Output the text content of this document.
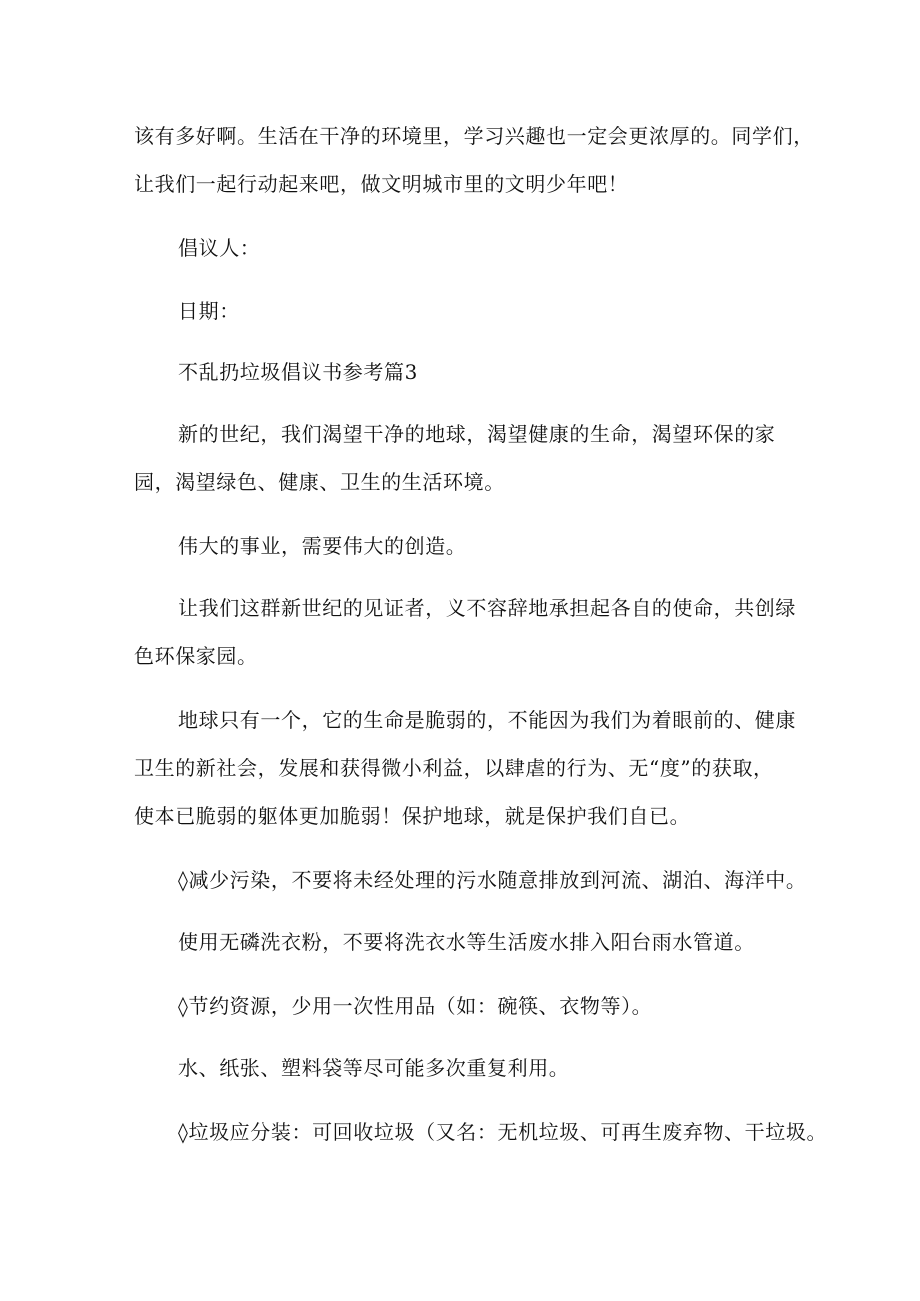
该有多好啊。生活在干净的环境里，学习兴趣也一定会更浓厚的。同学们，
让我们一起行动起来吧，做文明城市里的文明少年吧！
倡议人：
日期：
不乱扔垃圾倡议书参考篇3
新的世纪，我们渴望干净的地球，渴望健康的生命，渴望环保的家
园，渴望绿色、健康、卫生的生活环境。
伟大的事业，需要伟大的创造。
让我们这群新世纪的见证者，义不容辞地承担起各自的使命，共创绿
色环保家园。
地球只有一个，它的生命是脆弱的，不能因为我们为着眼前的、健康
卫生的新社会，发展和获得微小利益，以肆虐的行为、无“度”的获取，
使本已脆弱的躯体更加脆弱！保护地球，就是保护我们自已。
◊减少污染，不要将未经处理的污水随意排放到河流、湖泊、海洋中。
使用无磷洗衣粉，不要将洗衣水等生活废水排入阳台雨水管道。
◊节约资源，少用一次性用品（如：碗筷、衣物等）。
水、纸张、塑料袋等尽可能多次重复利用。
◊垃圾应分装：可回收垃圾（又名：无机垃圾、可再生废弃物、干垃圾。
